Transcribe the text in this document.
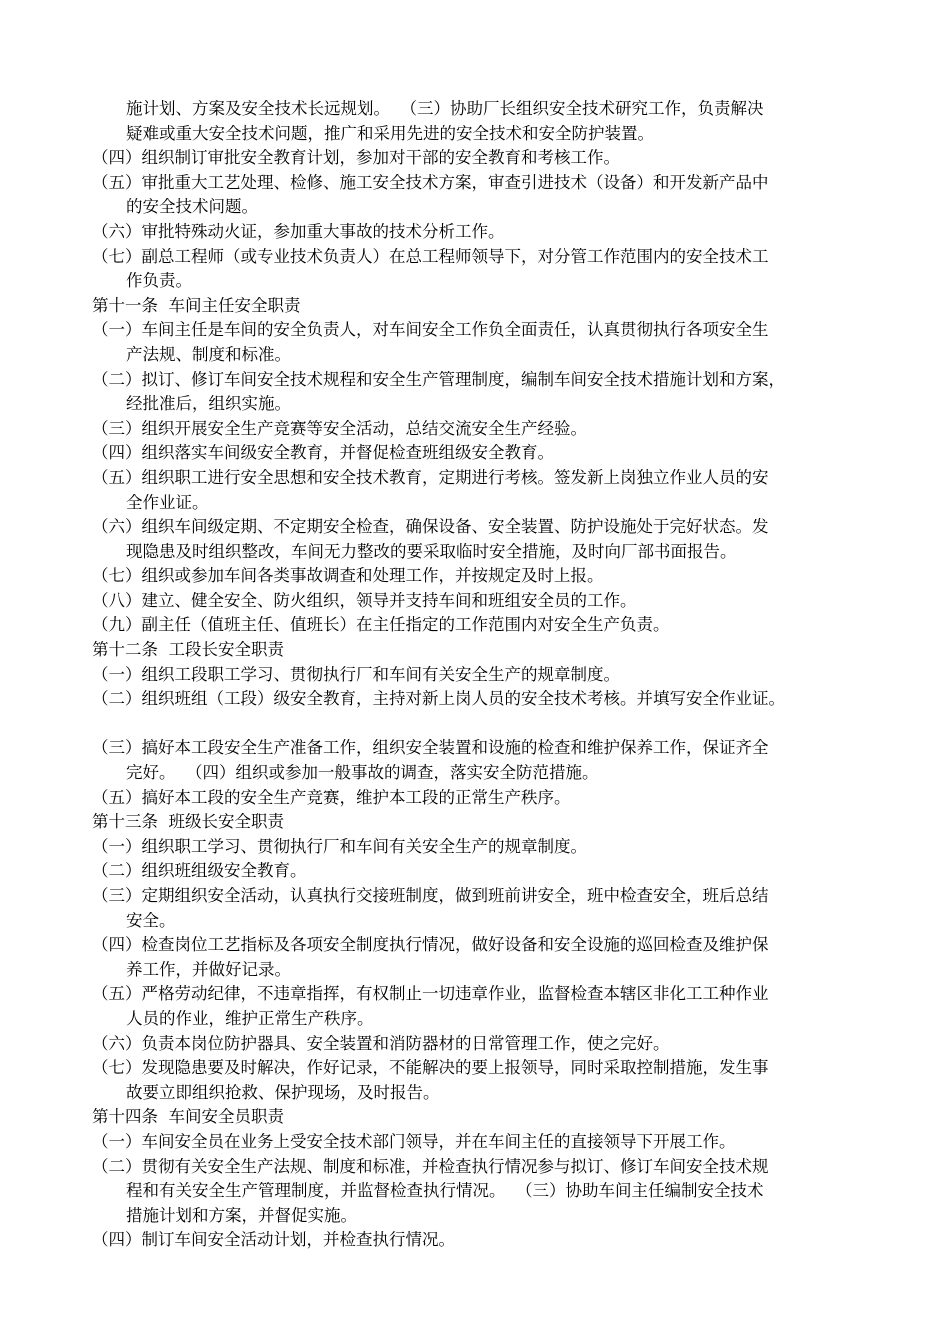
施计划、方案及安全技术长远规划。  （三）协助厂长组织安全技术研究工作，负责解决
疑难或重大安全技术问题，推广和采用先进的安全技术和安全防护装置。
（四）组织制订审批安全教育计划，参加对干部的安全教育和考核工作。
（五）审批重大工艺处理、检修、施工安全技术方案，审查引进技术（设备）和开发新产品中
的安全技术问题。
（六）审批特殊动火证，参加重大事故的技术分析工作。
（七）副总工程师（或专业技术负责人）在总工程师领导下，对分管工作范围内的安全技术工
作负责。
第十一条  车间主任安全职责
（一）车间主任是车间的安全负责人，对车间安全工作负全面责任，认真贯彻执行各项安全生
产法规、制度和标准。
（二）拟订、修订车间安全技术规程和安全生产管理制度，编制车间安全技术措施计划和方案，
经批准后，组织实施。
（三）组织开展安全生产竞赛等安全活动，总结交流安全生产经验。
（四）组织落实车间级安全教育，并督促检查班组级安全教育。
（五）组织职工进行安全思想和安全技术教育，定期进行考核。签发新上岗独立作业人员的安
全作业证。
（六）组织车间级定期、不定期安全检查，确保设备、安全装置、防护设施处于完好状态。发
现隐患及时组织整改，车间无力整改的要采取临时安全措施，及时向厂部书面报告。
（七）组织或参加车间各类事故调查和处理工作，并按规定及时上报。
（八）建立、健全安全、防火组织，领导并支持车间和班组安全员的工作。
（九）副主任（值班主任、值班长）在主任指定的工作范围内对安全生产负责。
第十二条  工段长安全职责
（一）组织工段职工学习、贯彻执行厂和车间有关安全生产的规章制度。
（二）组织班组（工段）级安全教育，主持对新上岗人员的安全技术考核。并填写安全作业证。
（三）搞好本工段安全生产准备工作，组织安全装置和设施的检查和维护保养工作，保证齐全
完好。  （四）组织或参加一般事故的调查，落实安全防范措施。
（五）搞好本工段的安全生产竞赛，维护本工段的正常生产秩序。
第十三条  班级长安全职责
（一）组织职工学习、贯彻执行厂和车间有关安全生产的规章制度。
（二）组织班组级安全教育。
（三）定期组织安全活动，认真执行交接班制度，做到班前讲安全，班中检查安全，班后总结
安全。
（四）检查岗位工艺指标及各项安全制度执行情况，做好设备和安全设施的巡回检查及维护保
养工作，并做好记录。
（五）严格劳动纪律，不违章指挥，有权制止一切违章作业，监督检查本辖区非化工工种作业
人员的作业，维护正常生产秩序。
（六）负责本岗位防护器具、安全装置和消防器材的日常管理工作，使之完好。
（七）发现隐患要及时解决，作好记录，不能解决的要上报领导，同时采取控制措施，发生事
故要立即组织抢救、保护现场，及时报告。
第十四条  车间安全员职责
（一）车间安全员在业务上受安全技术部门领导，并在车间主任的直接领导下开展工作。
（二）贯彻有关安全生产法规、制度和标准，并检查执行情况参与拟订、修订车间安全技术规
程和有关安全生产管理制度，并监督检查执行情况。  （三）协助车间主任编制安全技术
措施计划和方案，并督促实施。
（四）制订车间安全活动计划，并检查执行情况。
